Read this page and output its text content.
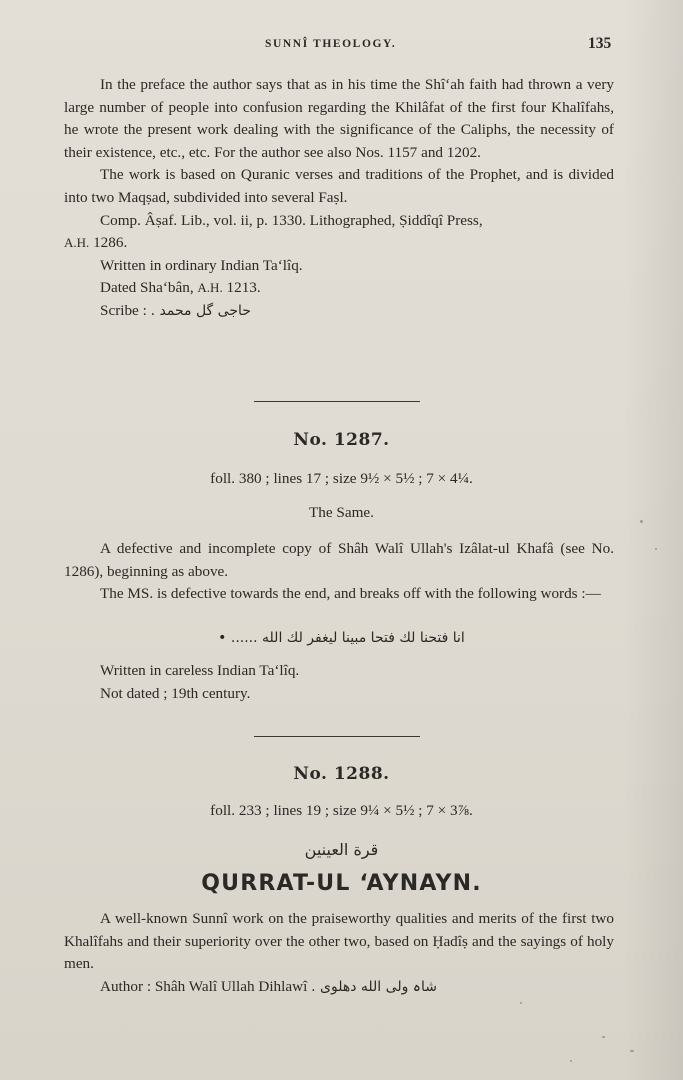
SUNNÎ THEOLOGY.	135

In the preface the author says that as in his time the Shî‘ah faith had thrown a very large number of people into confusion regarding the Khilâfat of the first four Khalîfahs, he wrote the present work dealing with the significance of the Caliphs, the necessity of their existence, etc., etc. For the author see also Nos. 1157 and 1202.

The work is based on Quranic verses and traditions of the Prophet, and is divided into two Maqṣad, subdivided into several Faṣl.

Comp. Âṣaf. Lib., vol. ii, p. 1330. Lithographed, Ṣiddîqî Press,
A.H. 1286.

Written in ordinary Indian Ta‘lîq.

Dated Sha‘bân, A.H. 1213.

Scribe : حاجی گل محمد .

No. 1287.
foll. 380 ; lines 17 ; size 9½ × 5½ ; 7 × 4¼.
The Same.

A defective and incomplete copy of Shâh Walî Ullah's Izâlat-ul Khafâ (see No. 1286), beginning as above.

The MS. is defective towards the end, and breaks off with the following words :—

انا فتحنا لك فتحا مبينا ليغفر لك الله ...... •

Written in careless Indian Ta‘lîq.

Not dated ; 19th century.

No. 1288.
foll. 233 ; lines 19 ; size 9¼ × 5½ ; 7 × 3⅞.
قرة العينين
QURRAT-UL ‘AYNAYN.

A well-known Sunnî work on the praiseworthy qualities and merits of the first two Khalîfahs and their superiority over the other two, based on Ḥadîṣ and the sayings of holy men.

Author : Shâh Walî Ullah Dihlawî شاہ ولی الله دهلوی .
